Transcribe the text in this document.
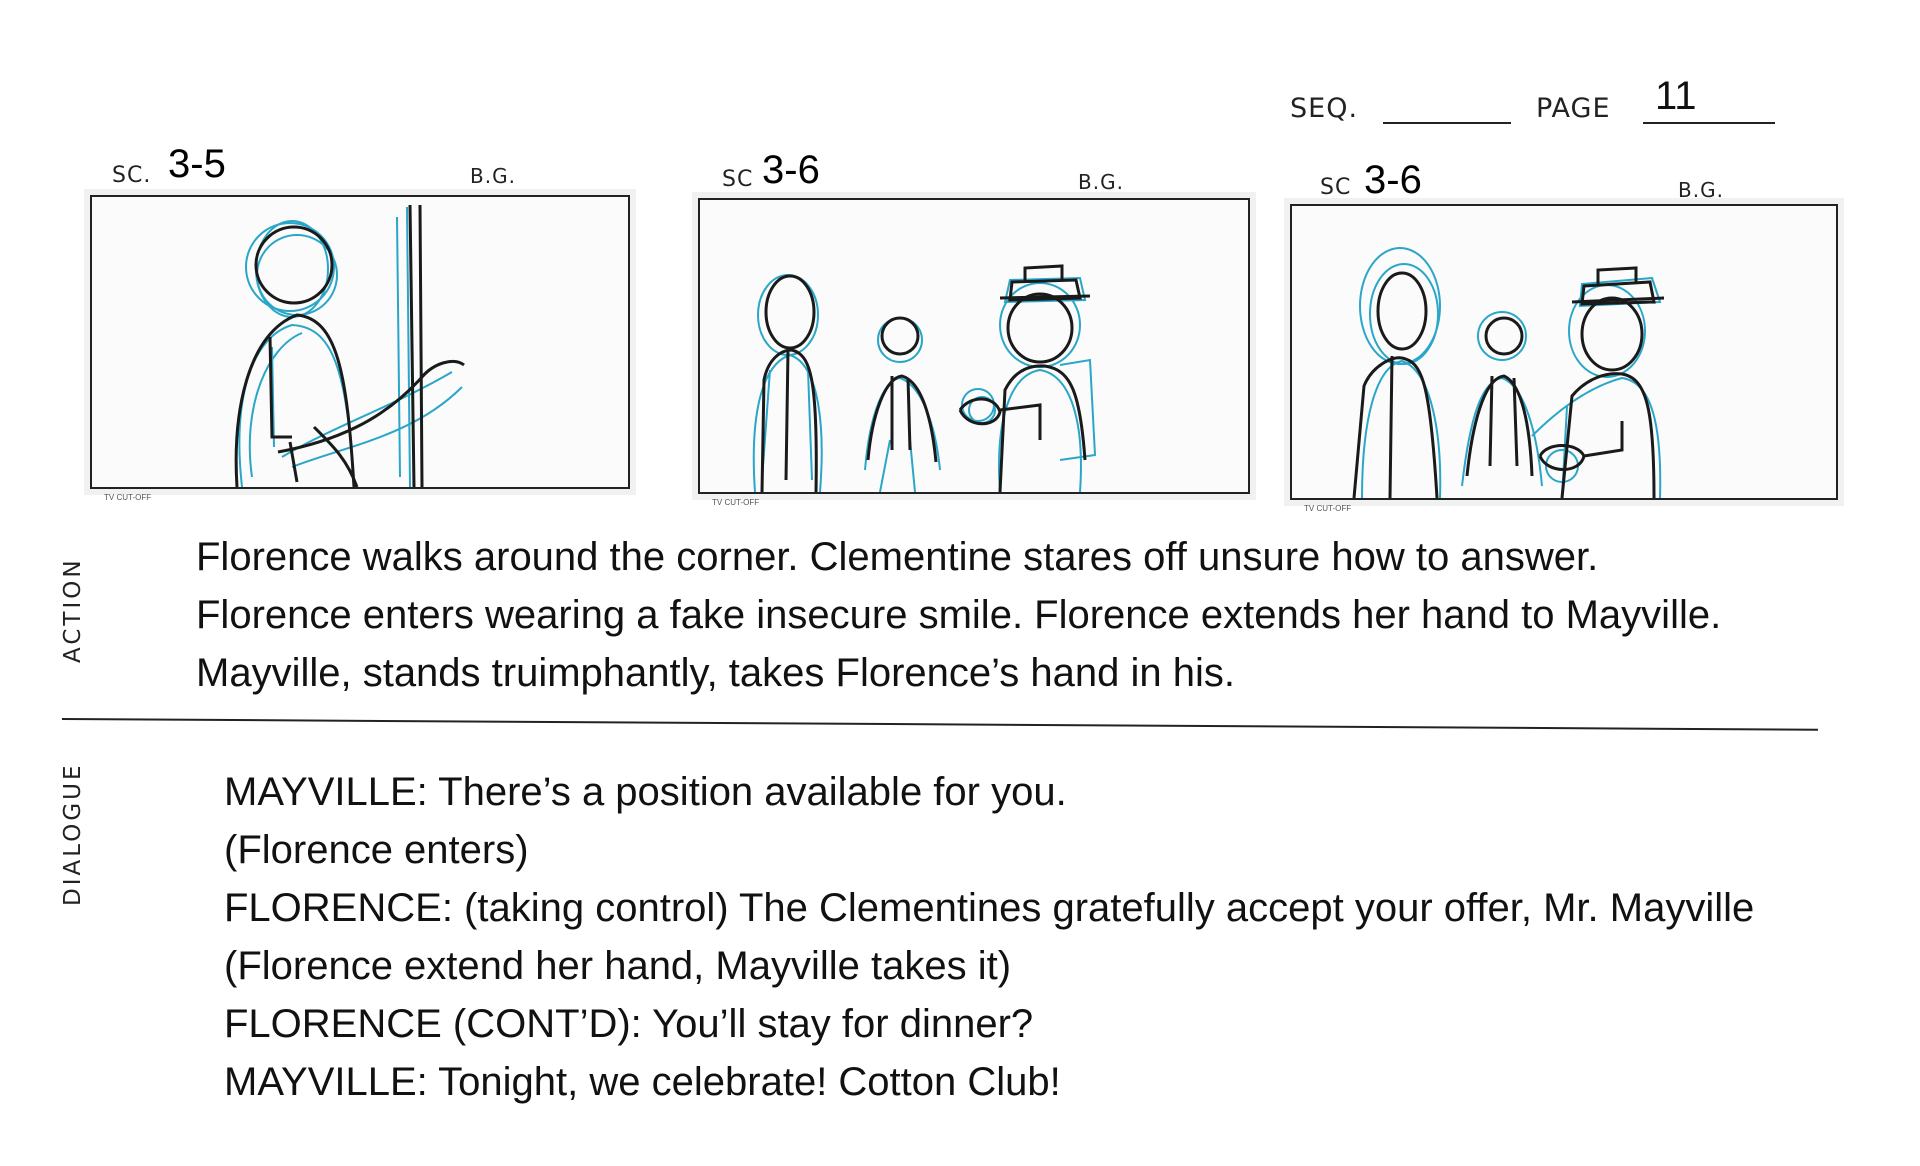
SEQ.	PAGE 11
SC. 3-5	B.G.	SC 3-6	B.G.	SC 3-6	B.G.
TV CUT-OFF
TV CUT-OFF
TV CUT-OFF
ACTION
Florence walks around the corner. Clementine stares off unsure how to answer.
Florence enters wearing a fake insecure smile. Florence extends her hand to Mayville.
Mayville, stands truimphantly, takes Florence’s hand in his.
DIALOGUE	MAYVILLE: There’s a position available for you.
(Florence enters)
FLORENCE: (taking control) The Clementines gratefully accept your offer, Mr. Mayville
(Florence extend her hand, Mayville takes it)
FLORENCE (CONT’D): You’ll stay for dinner?
MAYVILLE: Tonight, we celebrate! Cotton Club!
